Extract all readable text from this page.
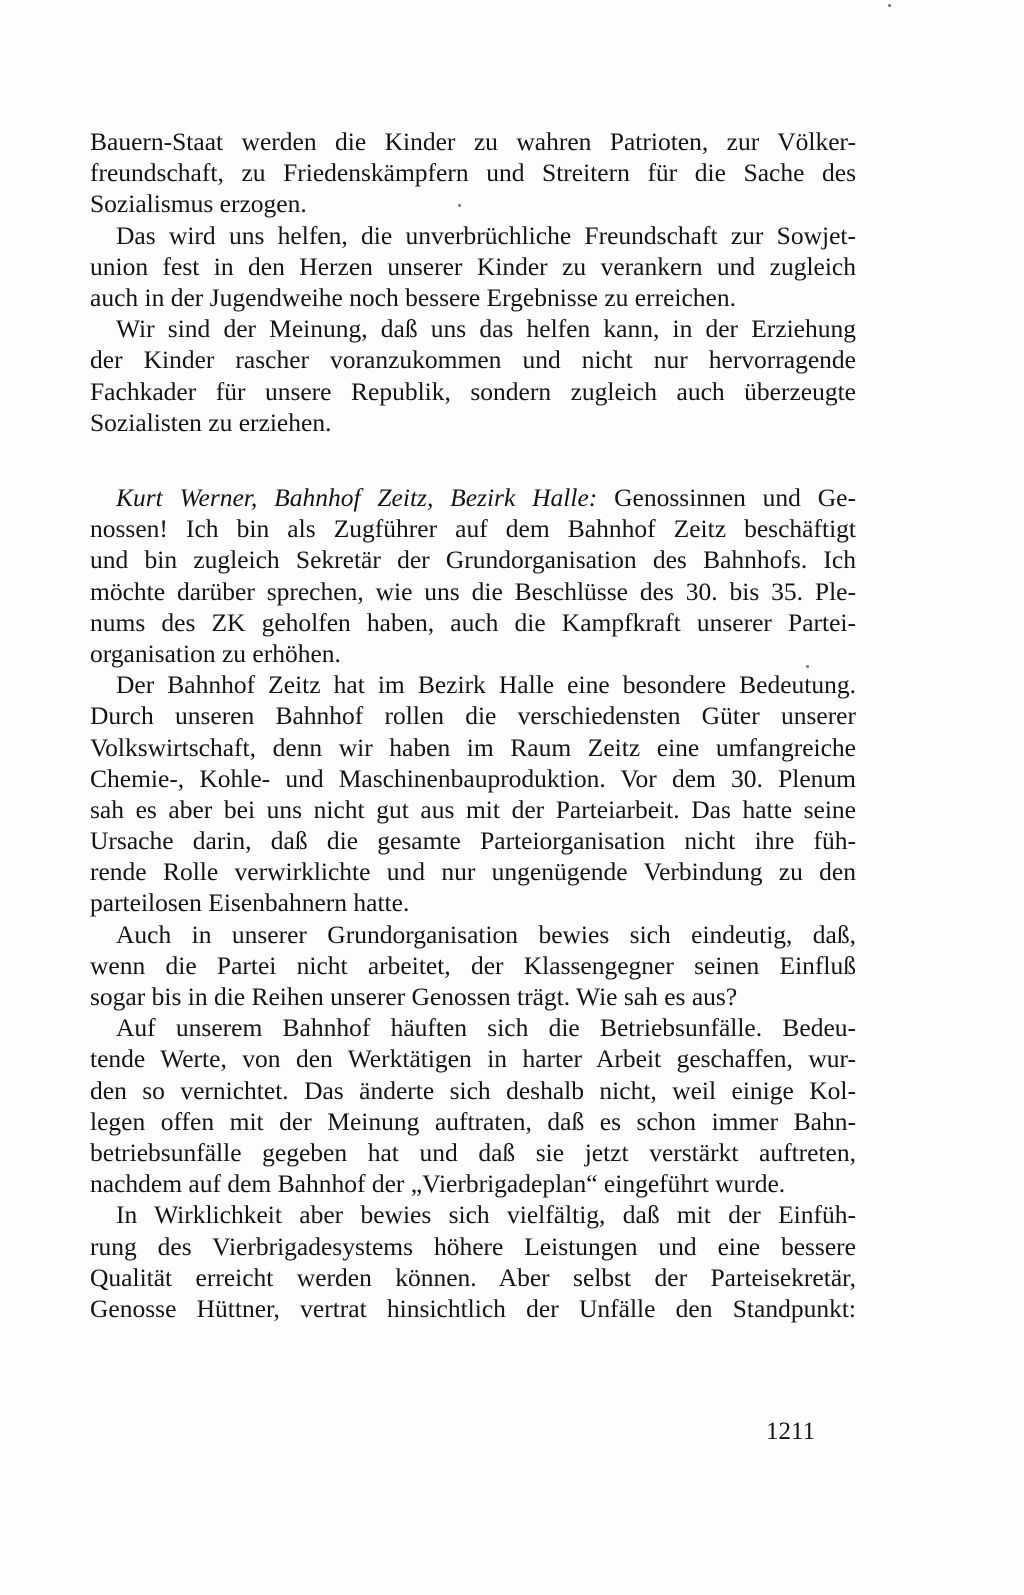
Bauern-Staat werden die Kinder zu wahren Patrioten, zur Völker-
freundschaft, zu Friedenskämpfern und Streitern für die Sache des
Sozialismus erzogen.
Das wird uns helfen, die unverbrüchliche Freundschaft zur Sowjet-
union fest in den Herzen unserer Kinder zu verankern und zugleich
auch in der Jugendweihe noch bessere Ergebnisse zu erreichen.
Wir sind der Meinung, daß uns das helfen kann, in der Erziehung
der Kinder rascher voranzukommen und nicht nur hervorragende
Fachkader für unsere Republik, sondern zugleich auch überzeugte
Sozialisten zu erziehen.
Kurt Werner, Bahnhof Zeitz, Bezirk Halle: Genossinnen und Ge-
nossen! Ich bin als Zugführer auf dem Bahnhof Zeitz beschäftigt
und bin zugleich Sekretär der Grundorganisation des Bahnhofs. Ich
möchte darüber sprechen, wie uns die Beschlüsse des 30. bis 35. Ple-
nums des ZK geholfen haben, auch die Kampfkraft unserer Partei-
organisation zu erhöhen.
Der Bahnhof Zeitz hat im Bezirk Halle eine besondere Bedeutung.
Durch unseren Bahnhof rollen die verschiedensten Güter unserer
Volkswirtschaft, denn wir haben im Raum Zeitz eine umfangreiche
Chemie-, Kohle- und Maschinenbauproduktion. Vor dem 30. Plenum
sah es aber bei uns nicht gut aus mit der Parteiarbeit. Das hatte seine
Ursache darin, daß die gesamte Parteiorganisation nicht ihre füh-
rende Rolle verwirklichte und nur ungenügende Verbindung zu den
parteilosen Eisenbahnern hatte.
Auch in unserer Grundorganisation bewies sich eindeutig, daß,
wenn die Partei nicht arbeitet, der Klassengegner seinen Einfluß
sogar bis in die Reihen unserer Genossen trägt. Wie sah es aus?
Auf unserem Bahnhof häuften sich die Betriebsunfälle. Bedeu-
tende Werte, von den Werktätigen in harter Arbeit geschaffen, wur-
den so vernichtet. Das änderte sich deshalb nicht, weil einige Kol-
legen offen mit der Meinung auftraten, daß es schon immer Bahn-
betriebsunfälle gegeben hat und daß sie jetzt verstärkt auftreten,
nachdem auf dem Bahnhof der „Vierbrigadeplan“ eingeführt wurde.
In Wirklichkeit aber bewies sich vielfältig, daß mit der Einfüh-
rung des Vierbrigadesystems höhere Leistungen und eine bessere
Qualität erreicht werden können. Aber selbst der Parteisekretär,
Genosse Hüttner, vertrat hinsichtlich der Unfälle den Standpunkt:
1211
